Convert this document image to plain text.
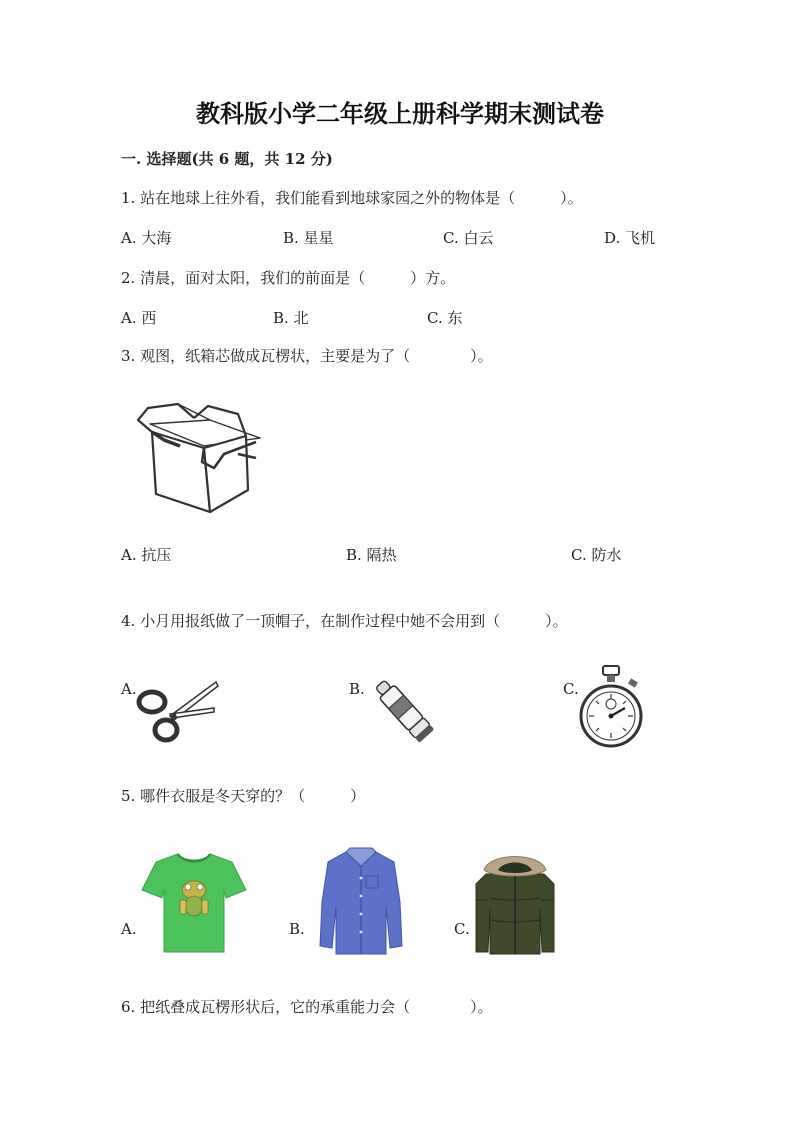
教科版小学二年级上册科学期末测试卷
一. 选择题(共 6 题，共 12 分)
1. 站在地球上往外看，我们能看到地球家园之外的物体是（　　　）。
A. 大海	B. 星星	C. 白云	D. 飞机
2. 清晨，面对太阳，我们的前面是（　　　）方。
A. 西	B. 北	C. 东
3. 观图，纸箱芯做成瓦楞状，主要是为了（　　　　）。
A. 抗压	B. 隔热	C. 防水
4. 小月用报纸做了一顶帽子，在制作过程中她不会用到（　　　）。
A.	B.	C.
5. 哪件衣服是冬天穿的？（　　　）
A.	B.	C.
6. 把纸叠成瓦楞形状后，它的承重能力会（　　　　）。
